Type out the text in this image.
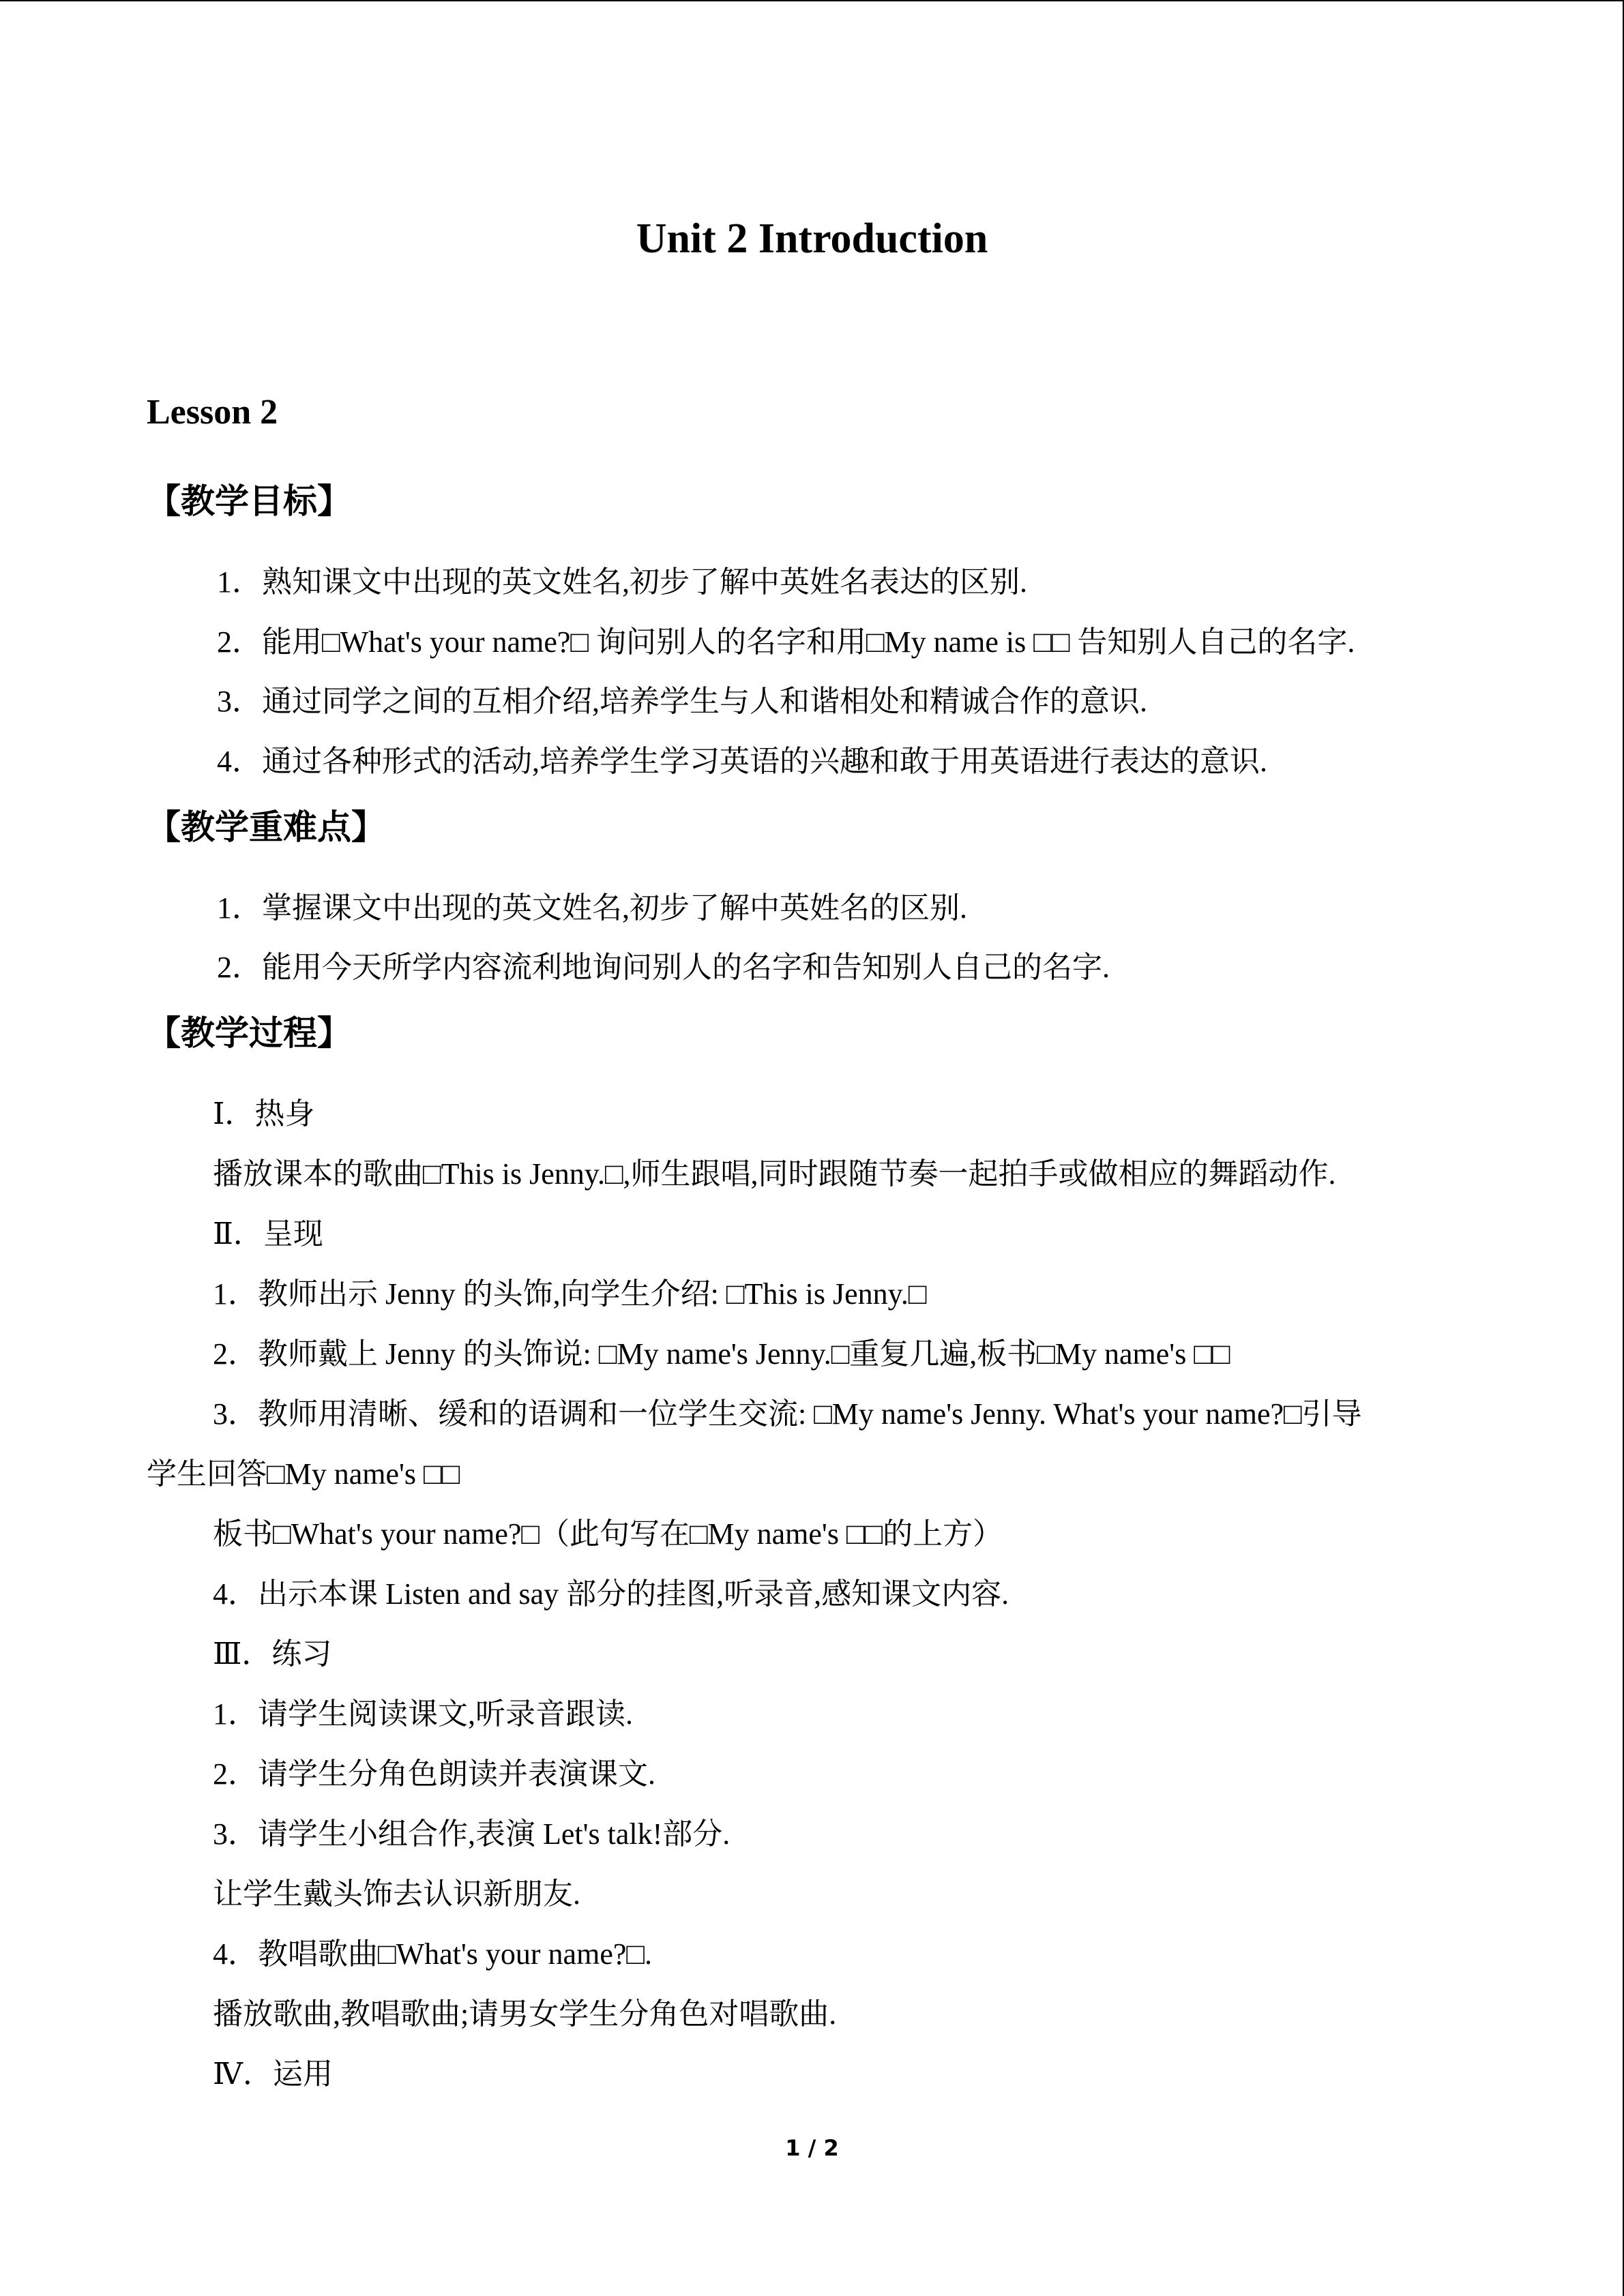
Unit 2 Introduction
Lesson 2
【教学目标】
1．熟知课文中出现的英文姓名,初步了解中英姓名表达的区别.
2．能用□What's your name?□ 询问别人的名字和用□My name is □□ 告知别人自己的名字.
3．通过同学之间的互相介绍,培养学生与人和谐相处和精诚合作的意识.
4．通过各种形式的活动,培养学生学习英语的兴趣和敢于用英语进行表达的意识.
【教学重难点】
1．掌握课文中出现的英文姓名,初步了解中英姓名的区别.
2．能用今天所学内容流利地询问别人的名字和告知别人自己的名字.
【教学过程】
Ⅰ．热身
播放课本的歌曲□This is Jenny.□,师生跟唱,同时跟随节奏一起拍手或做相应的舞蹈动作.
Ⅱ．呈现
1．教师出示 Jenny 的头饰,向学生介绍: □This is Jenny.□
2．教师戴上 Jenny 的头饰说: □My name's Jenny.□重复几遍,板书□My name's □□
3．教师用清晰、缓和的语调和一位学生交流: □My name's Jenny. What's your name?□引导
学生回答□My name's □□
板书□What's your name?□（此句写在□My name's □□的上方）
4．出示本课 Listen and say 部分的挂图,听录音,感知课文内容.
Ⅲ．练习
1．请学生阅读课文,听录音跟读.
2．请学生分角色朗读并表演课文.
3．请学生小组合作,表演 Let's talk!部分.
让学生戴头饰去认识新朋友.
4．教唱歌曲□What's your name?□.
播放歌曲,教唱歌曲;请男女学生分角色对唱歌曲.
Ⅳ．运用
1 / 2
